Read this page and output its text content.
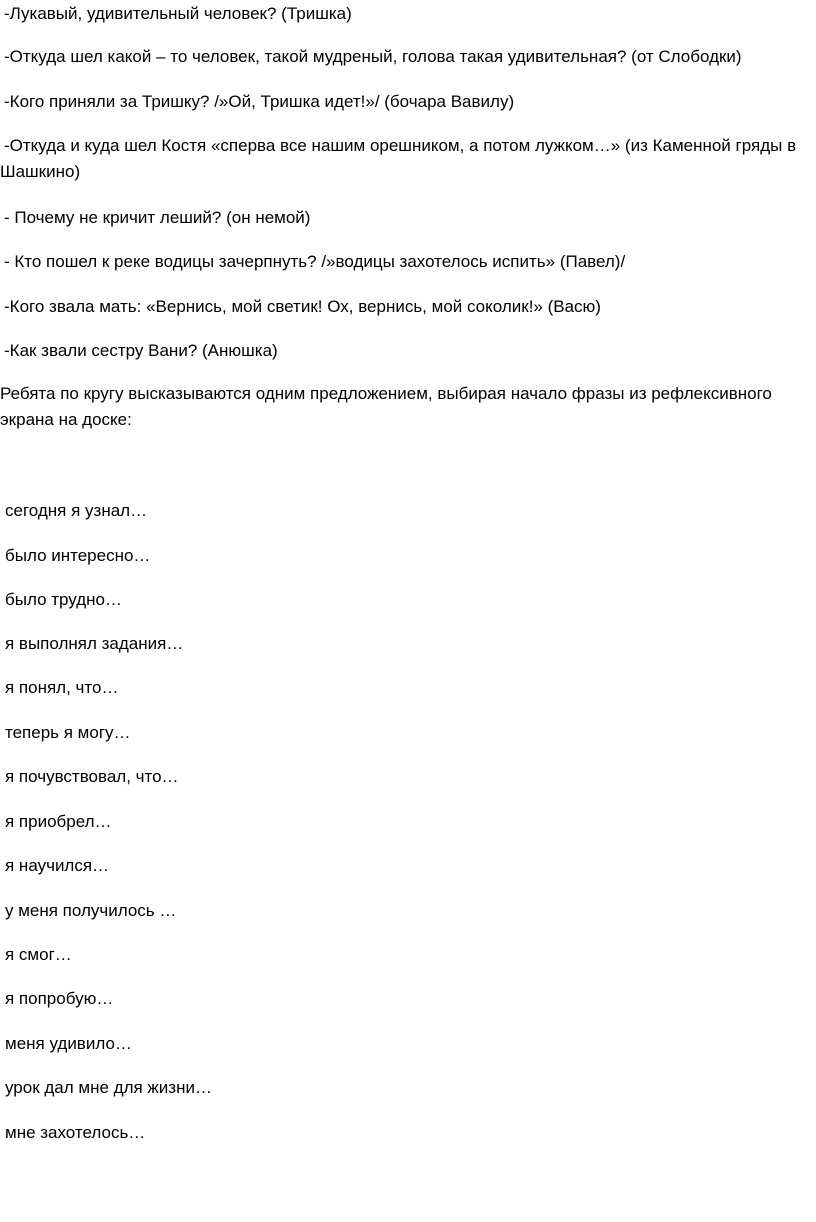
-Лукавый, удивительный человек? (Тришка)
-Откуда шел какой – то человек, такой мудреный, голова такая удивительная? (от Слободки)
-Кого приняли за Тришку? /»Ой, Тришка идет!»/ (бочара Вавилу)
-Откуда и куда шел Костя «сперва все нашим орешником, а потом лужком…» (из Каменной гряды в Шашкино)
- Почему не кричит леший? (он немой)
- Кто пошел к реке водицы зачерпнуть? /»водицы захотелось испить» (Павел)/
-Кого звала мать: «Вернись, мой светик! Ох, вернись, мой соколик!» (Васю)
-Как звали сестру Вани? (Анюшка)
Ребята по кругу высказываются одним предложением, выбирая начало фразы из рефлексивного экрана на доске:
сегодня я узнал…
было интересно…
было трудно…
я выполнял задания…
я понял, что…
теперь я могу…
я почувствовал, что…
я приобрел…
я научился…
у меня получилось …
я смог…
я попробую…
меня удивило…
урок дал мне для жизни…
мне захотелось…
